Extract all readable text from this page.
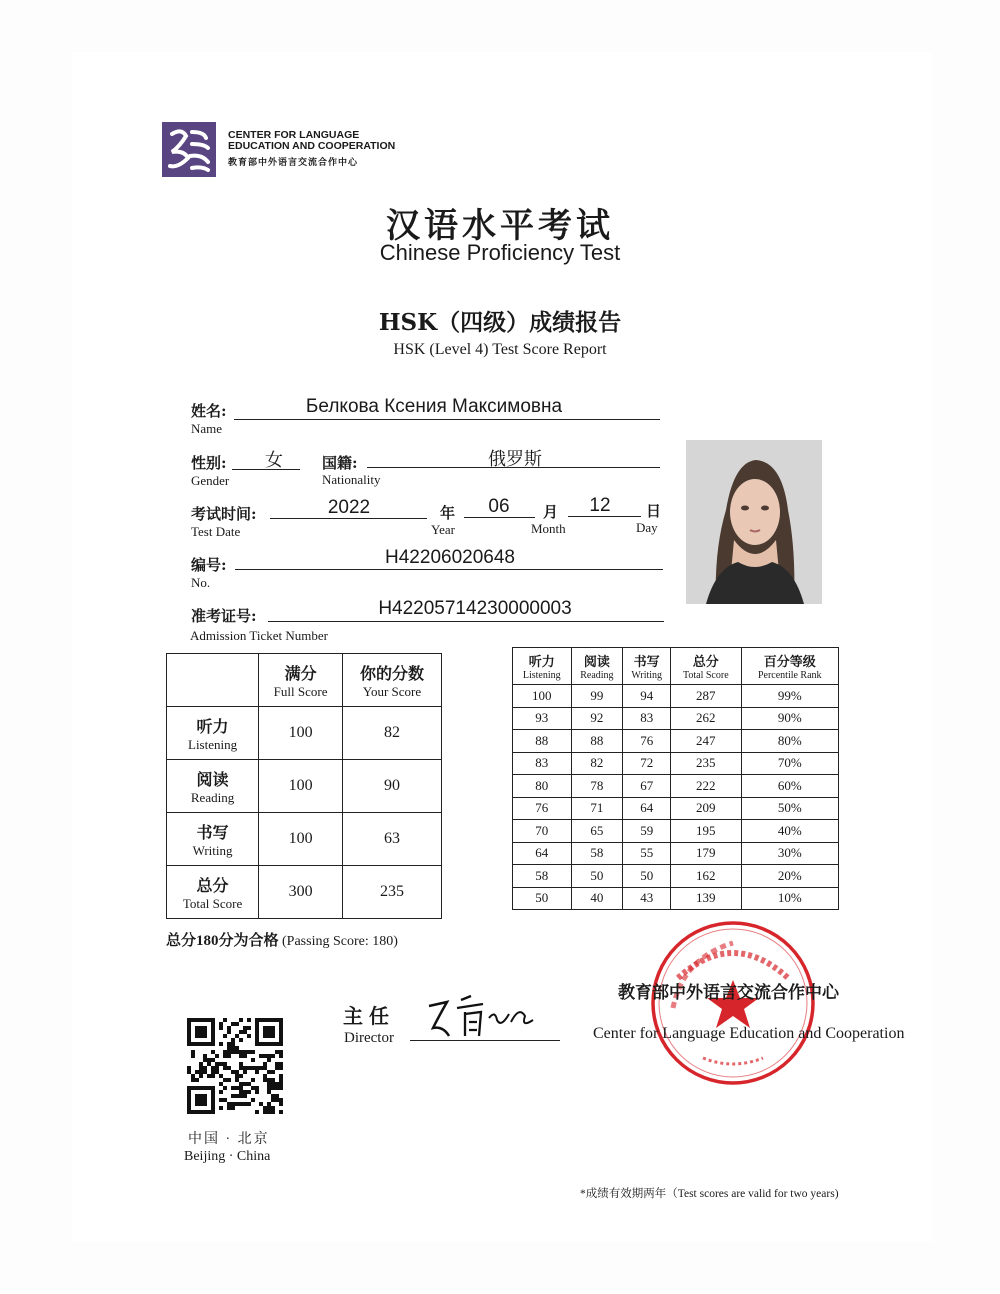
CENTER FOR LANGUAGE
EDUCATION AND COOPERATION
教育部中外语言交流合作中心
汉语水平考试
Chinese Proficiency Test
HSK（四级）成绩报告
HSK (Level 4) Test Score Report
姓名:
Name
Белкова Ксения Максимовна
性别:
Gender
女	国籍:
Nationality
俄罗斯
考试时间:
Test Date
2022	年
Year
06	月
Month
12	日
Day
编号:
No.
H42206020648
准考证号:
Admission Ticket Number
H42205714230000003

	满分
Full Score	你的分数
Your Score

听力
Listening	100	82

阅读
Reading	100	90

书写
Writing	100	63

总分
Total Score	300	235
听力
Listening	阅读
Reading	书写
Writing	总分
Total Score	百分等级
Percentile Rank

100	99	94	287	99%
93	92	83	262	90%
88	88	76	247	80%
83	82	72	235	70%
80	78	67	222	60%
76	71	64	209	50%
70	65	59	195	40%
64	58	55	179	30%
58	50	50	162	20%
50	40	43	139	10%
总分180分为合格 (Passing Score: 180)
主任
Director
教育部中外语言交流合作中心
Center for Language Education and Cooperation
中国 · 北京
Beijing · China
*成绩有效期两年（Test scores are valid for two years)
